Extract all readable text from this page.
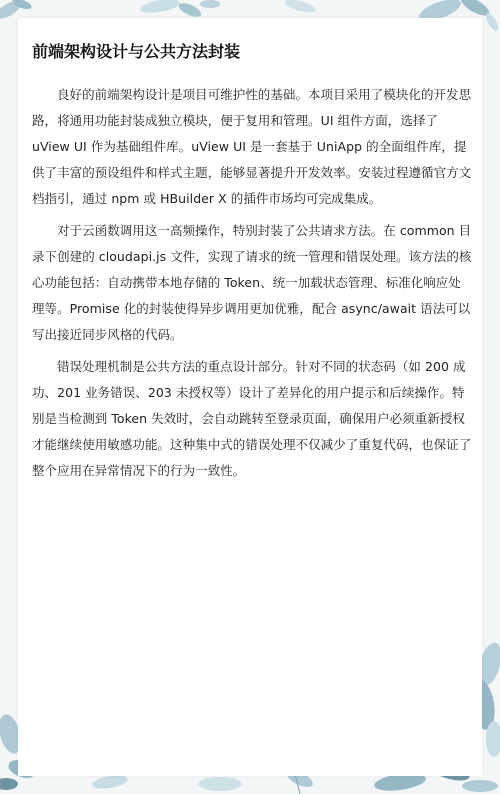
前端架构设计与公共方法封装

良好的前端架构设计是项目可维护性的基础。本项目采用了模块化的开发思路，将通用功能封装成独立模块，便于复用和管理。UI 组件方面，选择了 uView UI 作为基础组件库。uView UI 是一套基于 UniApp 的全面组件库，提供了丰富的预设组件和样式主题，能够显著提升开发效率。安装过程遵循官方文档指引，通过 npm 或 HBuilder X 的插件市场均可完成集成。

对于云函数调用这一高频操作，特别封装了公共请求方法。在 common 目录下创建的 cloudapi.js 文件，实现了请求的统一管理和错误处理。该方法的核心功能包括：自动携带本地存储的 Token、统一加载状态管理、标准化响应处理等。Promise 化的封装使得异步调用更加优雅，配合 async/await 语法可以写出接近同步风格的代码。

错误处理机制是公共方法的重点设计部分。针对不同的状态码（如 200 成功、201 业务错误、203 未授权等）设计了差异化的用户提示和后续操作。特别是当检测到 Token 失效时，会自动跳转至登录页面，确保用户必须重新授权才能继续使用敏感功能。这种集中式的错误处理不仅减少了重复代码，也保证了整个应用在异常情况下的行为一致性。
